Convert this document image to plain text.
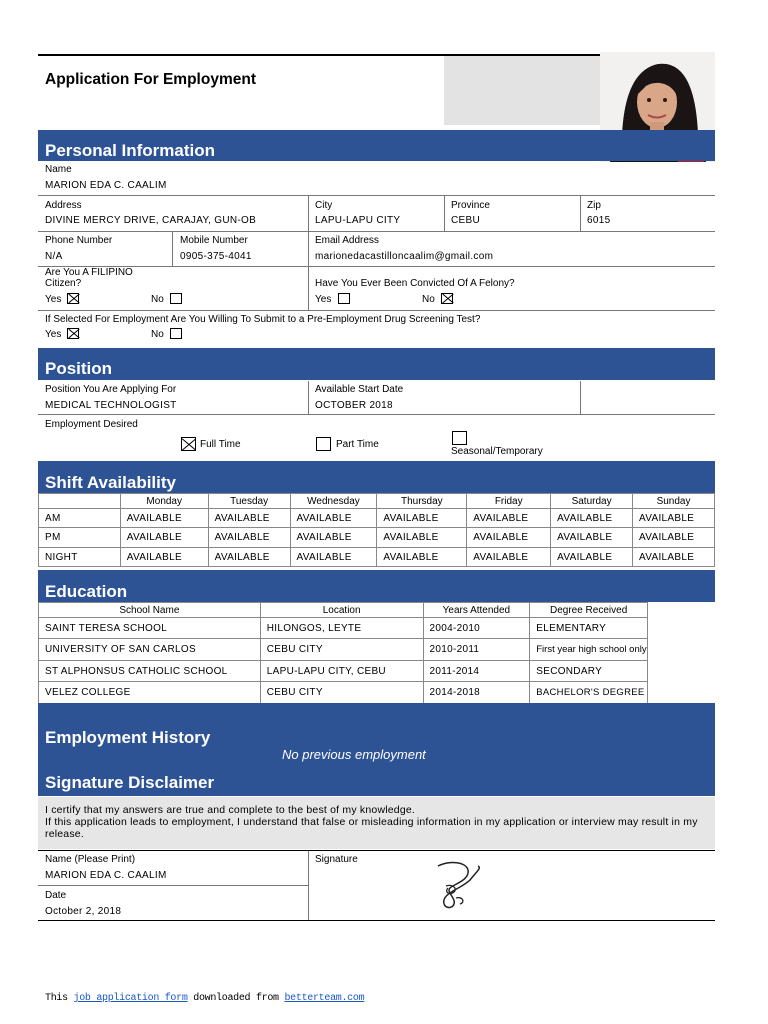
Application For Employment
Personal Information
Name
MARION EDA C. CAALIM
Address
DIVINE MERCY DRIVE, CARAJAY, GUN-OB
City
LAPU-LAPU CITY
Province
CEBU
Zip
6015
Phone Number
N/A
Mobile Number
0905-375-4041
Email Address
marionedacastilloncaalim@gmail.com
Are You A FILIPINO
Citizen?
Yes	No
Have You Ever Been Convicted Of A Felony?
Yes	No
If Selected For Employment Are You Willing To Submit to a Pre-Employment Drug Screening Test?
Yes	No
Position
Position You Are Applying For
MEDICAL TECHNOLOGIST
Available Start Date
OCTOBER 2018
Employment Desired
Full Time	Part Time
Seasonal/Temporary
Shift Availability
	Monday	Tuesday	Wednesday	Thursday	Friday	Saturday	Sunday
AM	AVAILABLE	AVAILABLE	AVAILABLE	AVAILABLE	AVAILABLE	AVAILABLE	AVAILABLE
PM	AVAILABLE	AVAILABLE	AVAILABLE	AVAILABLE	AVAILABLE	AVAILABLE	AVAILABLE
NIGHT	AVAILABLE	AVAILABLE	AVAILABLE	AVAILABLE	AVAILABLE	AVAILABLE	AVAILABLE
Education
School Name	Location	Years Attended	Degree Received
SAINT TERESA SCHOOL	HILONGOS, LEYTE	2004-2010	ELEMENTARY
UNIVERSITY OF SAN CARLOS	CEBU CITY	2010-2011	First year high school only
ST ALPHONSUS CATHOLIC SCHOOL	LAPU-LAPU CITY, CEBU	2011-2014	SECONDARY
VELEZ COLLEGE	CEBU CITY	2014-2018	BACHELOR'S DEGREE
Employment History
No previous employment
Signature Disclaimer
I certify that my answers are true and complete to the best of my knowledge.
If this application leads to employment, I understand that false or misleading information in my application or interview may result in my release.
Name (Please Print)
MARION EDA C. CAALIM
Date
October 2, 2018
Signature
This job application form downloaded from betterteam.com
